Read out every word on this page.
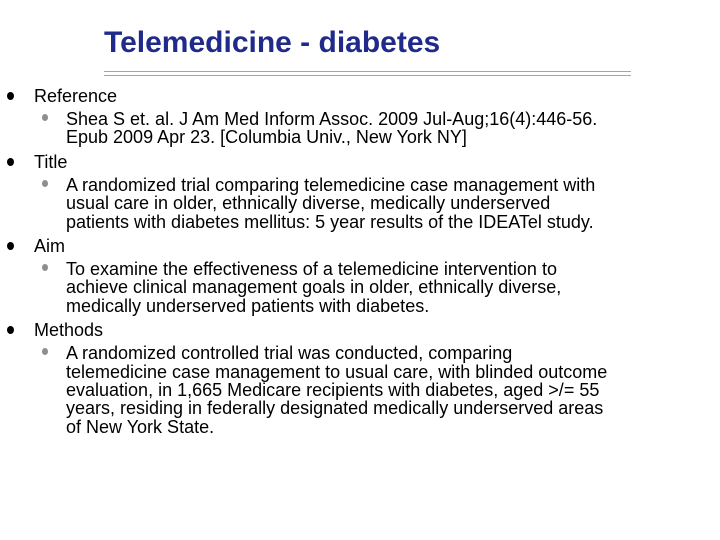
Telemedicine - diabetes
Reference
Shea S et. al. J Am Med Inform Assoc. 2009 Jul-Aug;16(4):446-56.
Epub 2009 Apr 23. [Columbia Univ., New York NY]
Title
A randomized trial comparing telemedicine case management with
usual care in older, ethnically diverse, medically underserved
patients with diabetes mellitus: 5 year results of the IDEATel study.
Aim
To examine the effectiveness of a telemedicine intervention to
achieve clinical management goals in older, ethnically diverse,
medically underserved patients with diabetes.
Methods
A randomized controlled trial was conducted, comparing
telemedicine case management to usual care, with blinded outcome
evaluation, in 1,665 Medicare recipients with diabetes, aged >/= 55
years, residing in federally designated medically underserved areas
of New York State.
